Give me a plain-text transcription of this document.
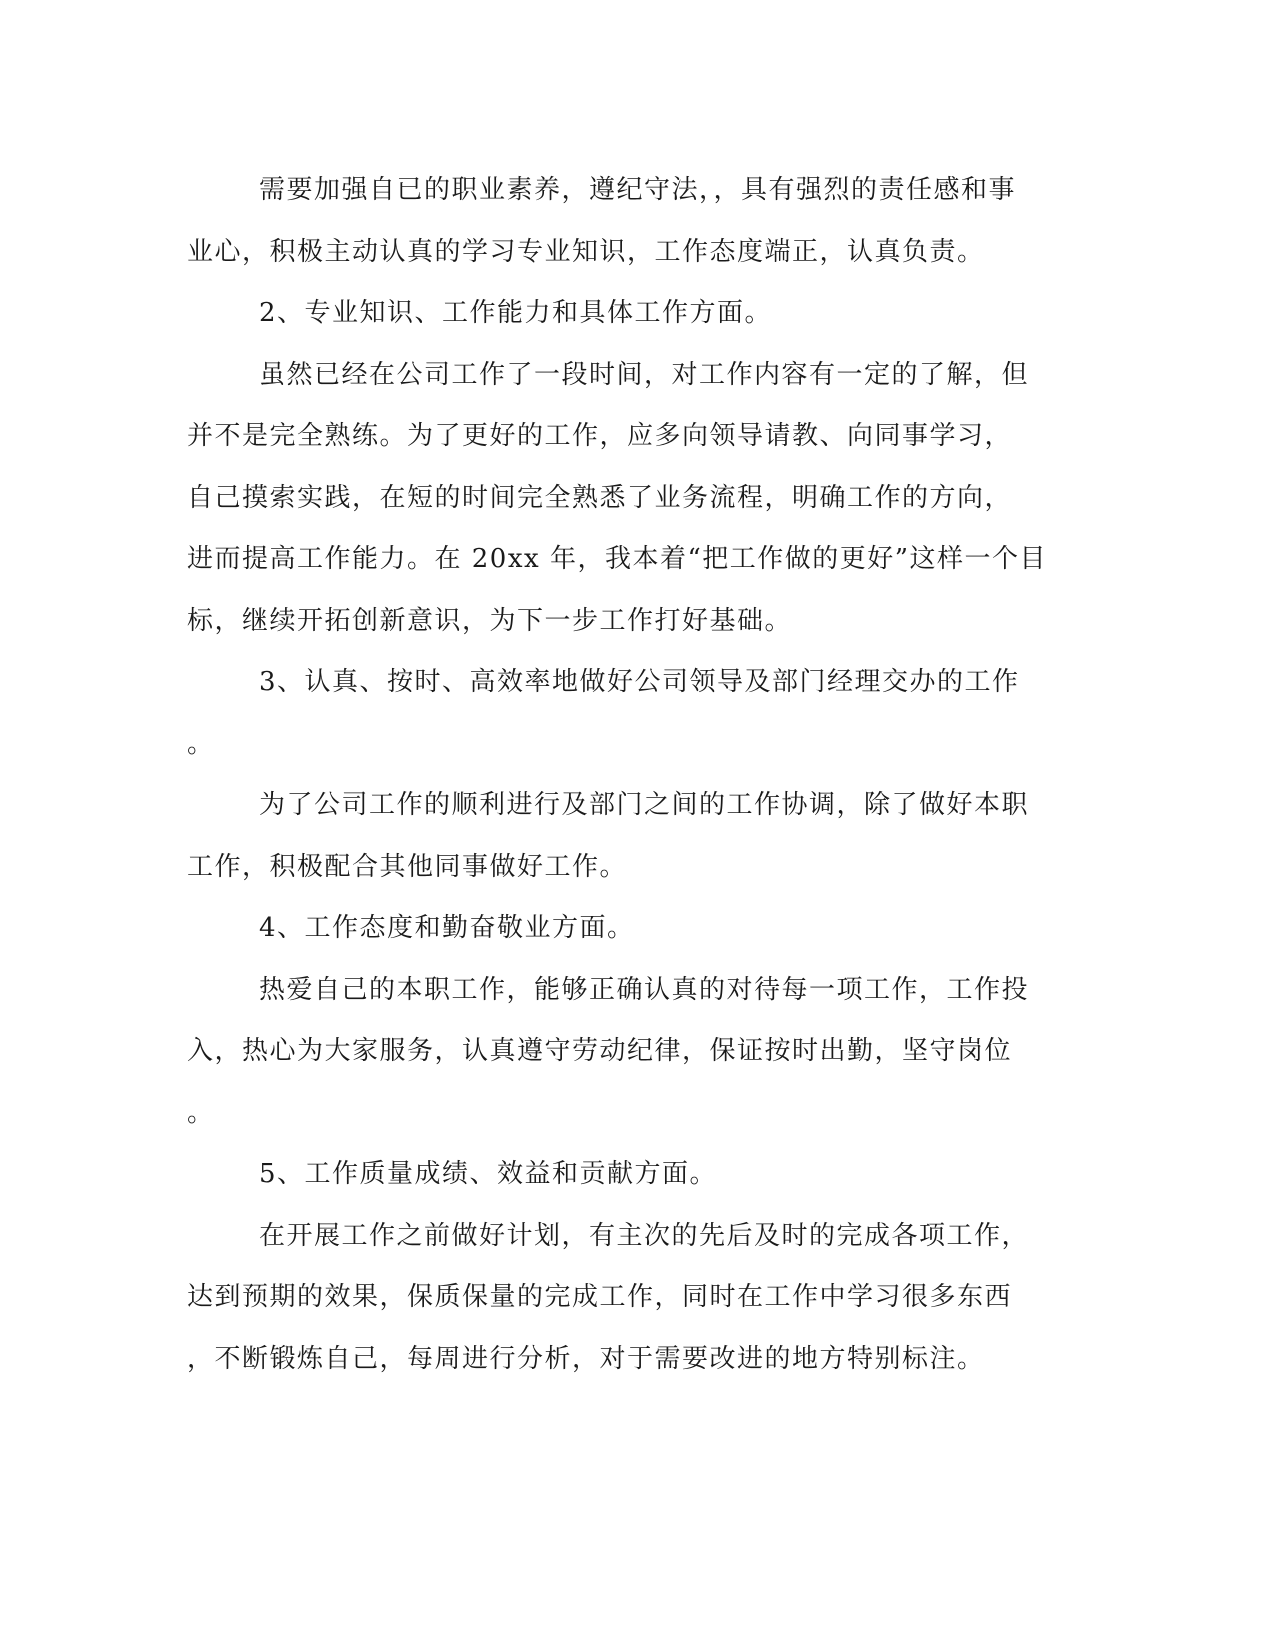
需要加强自已的职业素养，遵纪守法，，具有强烈的责任感和事
业心，积极主动认真的学习专业知识，工作态度端正，认真负责。
2、专业知识、工作能力和具体工作方面。
虽然已经在公司工作了一段时间，对工作内容有一定的了解，但
并不是完全熟练。为了更好的工作，应多向领导请教、向同事学习，
自己摸索实践，在短的时间完全熟悉了业务流程，明确工作的方向，
进而提高工作能力。在 20xx 年，我本着“把工作做的更好”这样一个目
标，继续开拓创新意识，为下一步工作打好基础。
3、认真、按时、高效率地做好公司领导及部门经理交办的工作
。
为了公司工作的顺利进行及部门之间的工作协调，除了做好本职
工作，积极配合其他同事做好工作。
4、工作态度和勤奋敬业方面。
热爱自己的本职工作，能够正确认真的对待每一项工作，工作投
入，热心为大家服务，认真遵守劳动纪律，保证按时出勤，坚守岗位
。
5、工作质量成绩、效益和贡献方面。
在开展工作之前做好计划，有主次的先后及时的完成各项工作，
达到预期的效果，保质保量的完成工作，同时在工作中学习很多东西
，不断锻炼自己，每周进行分析，对于需要改进的地方特别标注。
